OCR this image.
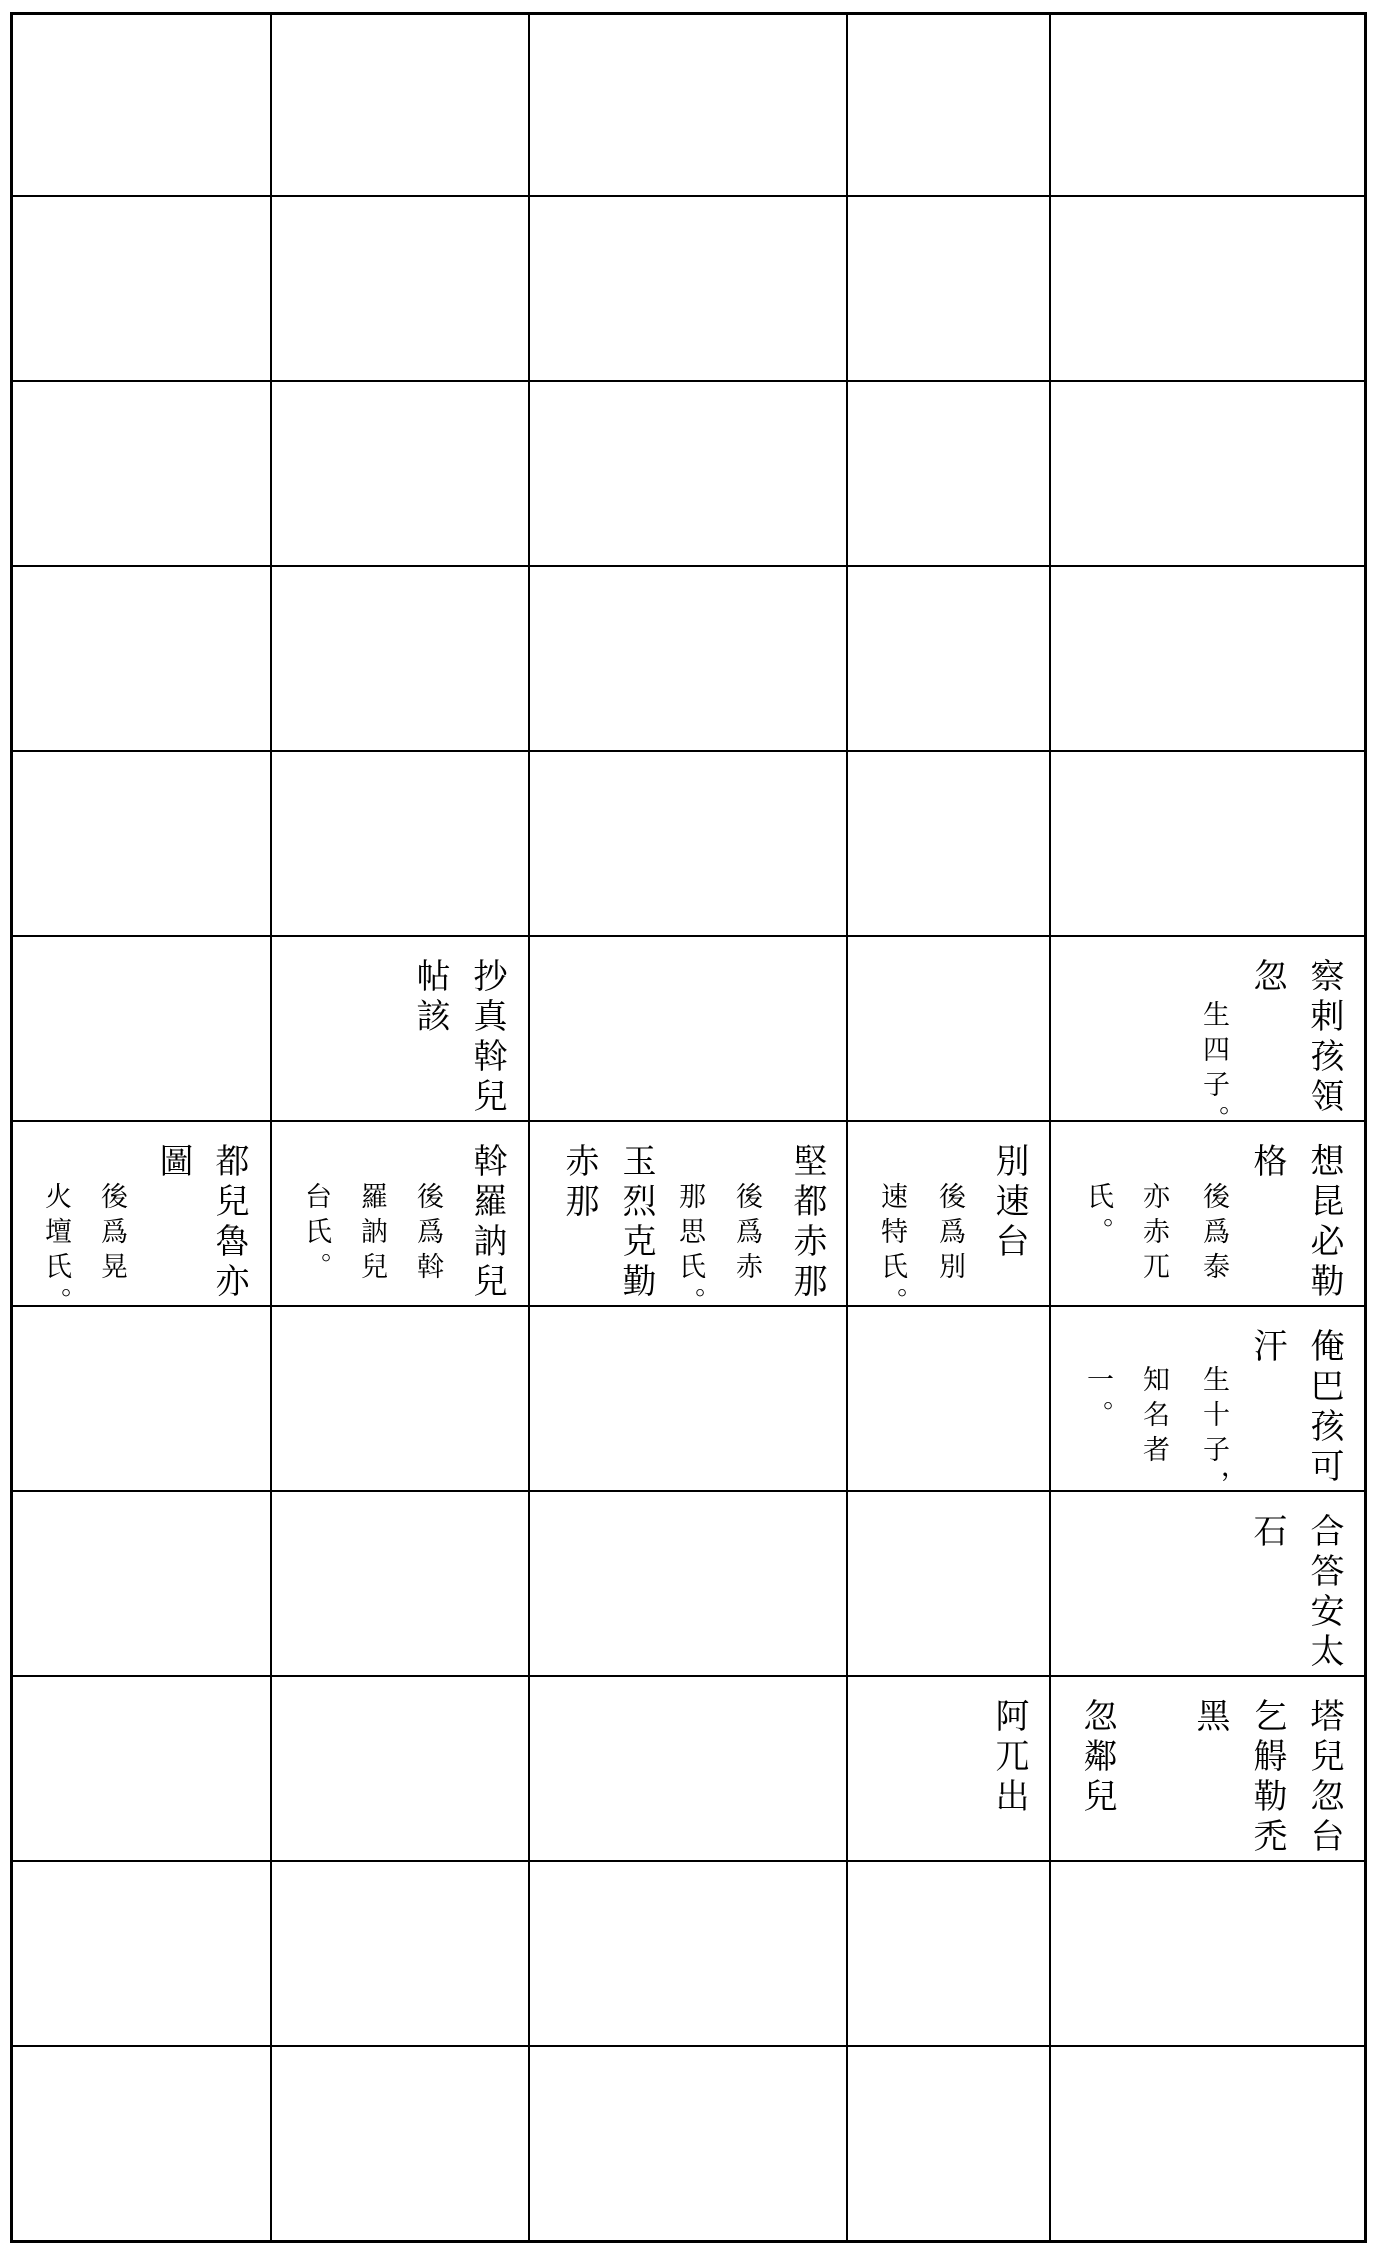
察剌孩領
忽
生四子。
抄真斡兒
帖該
想昆必勒
格
後爲泰
亦赤兀
氏。
別速台
後爲別
速特氏。
堅都赤那
後爲赤
那思氏。
玉烈克勤
赤那
斡羅訥兒
後爲斡
羅訥兒
台氏。
都兒魯亦
圖
後爲晃
火壇氏。
俺巴孩可
汗
生十子，
知名者
一。
合答安太
石
塔兒忽台
乞䚟勒禿
黑
忽鄰兒
阿兀出
